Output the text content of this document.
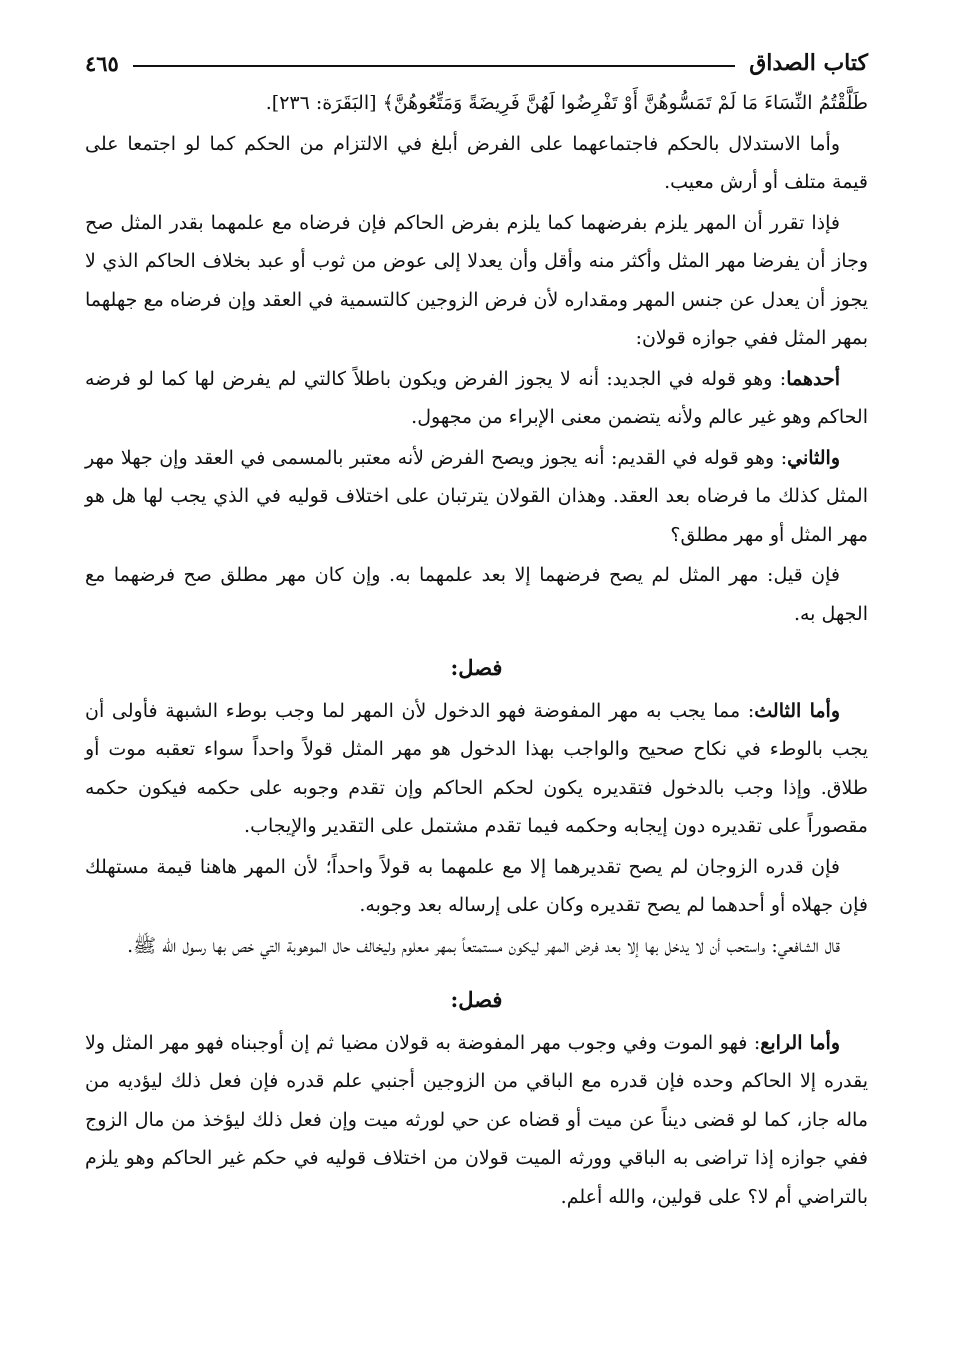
كتاب الصداق
٤٦٥

طَلَّقْتُمُ النِّسَاءَ مَا لَمْ تَمَسُّوهُنَّ أَوْ تَفْرِضُوا لَهُنَّ فَرِيضَةً وَمَتِّعُوهُنَّ﴾ [البَقَرَة: ٢٣٦].

وأما الاستدلال بالحكم فاجتماعهما على الفرض أبلغ في الالتزام من الحكم كما لو اجتمعا على قيمة متلف أو أرش معيب.

فإذا تقرر أن المهر يلزم بفرضهما كما يلزم بفرض الحاكم فإن فرضاه مع علمهما بقدر المثل صح وجاز أن يفرضا مهر المثل وأكثر منه وأقل وأن يعدلا إلى عوض من ثوب أو عبد بخلاف الحاكم الذي لا يجوز أن يعدل عن جنس المهر ومقداره لأن فرض الزوجين كالتسمية في العقد وإن فرضاه مع جهلهما بمهر المثل ففي جوازه قولان:

أحدهما: وهو قوله في الجديد: أنه لا يجوز الفرض ويكون باطلاً كالتي لم يفرض لها كما لو فرضه الحاكم وهو غير عالم ولأنه يتضمن معنى الإبراء من مجهول.

والثاني: وهو قوله في القديم: أنه يجوز ويصح الفرض لأنه معتبر بالمسمى في العقد وإن جهلا مهر المثل كذلك ما فرضاه بعد العقد. وهذان القولان يترتبان على اختلاف قوليه في الذي يجب لها هل هو مهر المثل أو مهر مطلق؟

فإن قيل: مهر المثل لم يصح فرضهما إلا بعد علمهما به. وإن كان مهر مطلق صح فرضهما مع الجهل به.

فصل:

وأما الثالث: مما يجب به مهر المفوضة فهو الدخول لأن المهر لما وجب بوطء الشبهة فأولى أن يجب بالوطء في نكاح صحيح والواجب بهذا الدخول هو مهر المثل قولاً واحداً سواء تعقبه موت أو طلاق. وإذا وجب بالدخول فتقديره يكون لحكم الحاكم وإن تقدم وجوبه على حكمه فيكون حكمه مقصوراً على تقديره دون إيجابه وحكمه فيما تقدم مشتمل على التقدير والإيجاب.

فإن قدره الزوجان لم يصح تقديرهما إلا مع علمهما به قولاً واحداً؛ لأن المهر هاهنا قيمة مستهلك فإن جهلاه أو أحدهما لم يصح تقديره وكان على إرساله بعد وجوبه.

قال الشافعي: واستحب أن لا يدخل بها إلا بعد فرض المهر ليكون مستمتعاً بمهر معلوم وليخالف حال الموهوبة التي خص بها رسول الله ﷺ.

فصل:

وأما الرابع: فهو الموت وفي وجوب مهر المفوضة به قولان مضيا ثم إن أوجبناه فهو مهر المثل ولا يقدره إلا الحاكم وحده فإن قدره مع الباقي من الزوجين أجنبي علم قدره فإن فعل ذلك ليؤديه من ماله جاز، كما لو قضى ديناً عن ميت أو قضاه عن حي لورثه ميت وإن فعل ذلك ليؤخذ من مال الزوج ففي جوازه إذا تراضى به الباقي وورثه الميت قولان من اختلاف قوليه في حكم غير الحاكم وهو يلزم بالتراضي أم لا؟ على قولين، والله أعلم.
